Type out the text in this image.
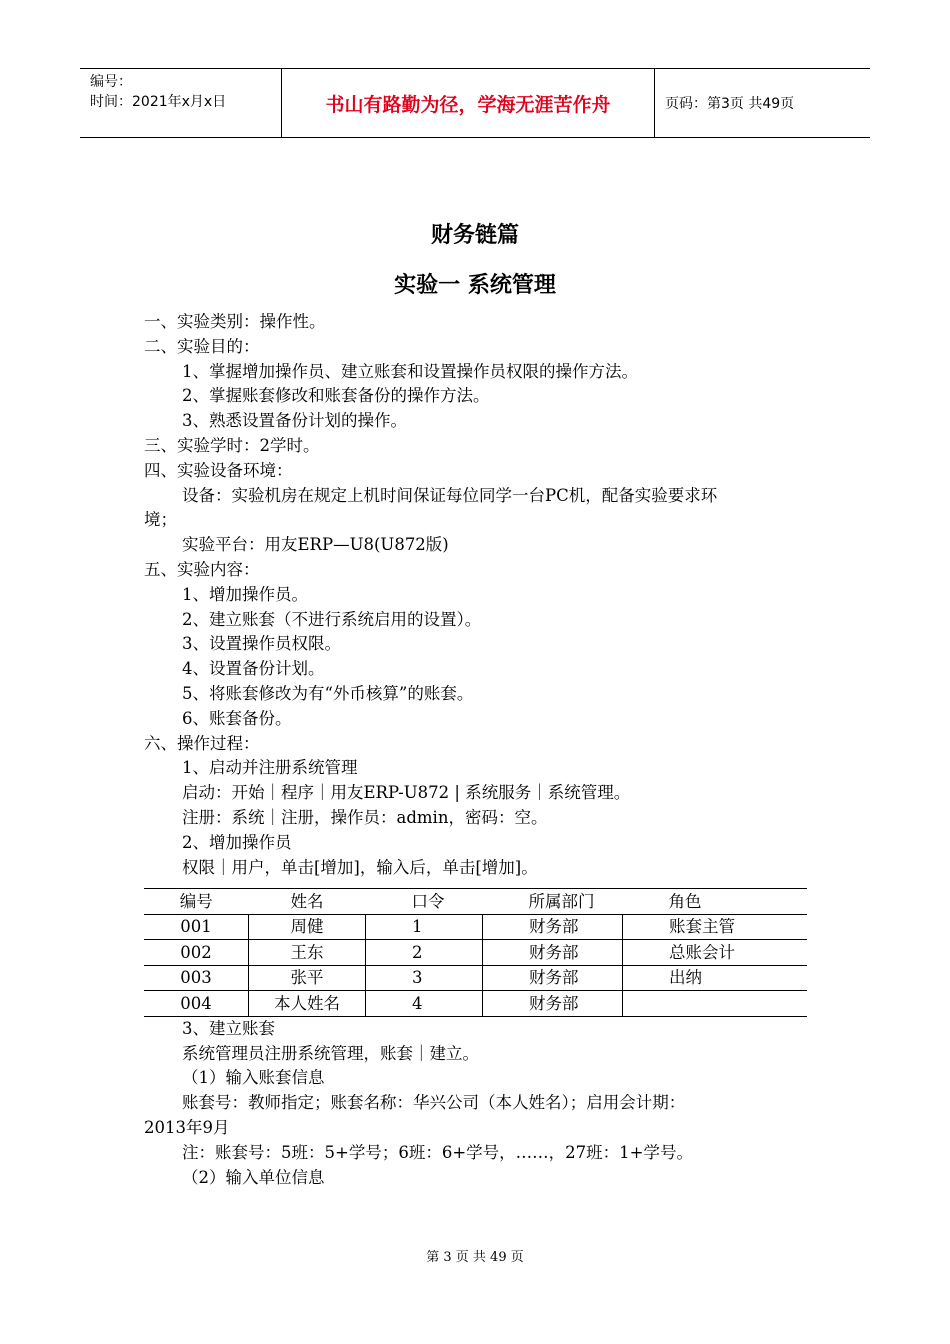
编号：
时间：2021年x月x日	书山有路勤为径，学海无涯苦作舟	页码：第3页 共49页
财务链篇
实验一 系统管理

一、实验类别：操作性。

二、实验目的：

1、掌握增加操作员、建立账套和设置操作员权限的操作方法。

2、掌握账套修改和账套备份的操作方法。

3、熟悉设置备份计划的操作。

三、实验学时：2学时。

四、实验设备环境：

设备：实验机房在规定上机时间保证每位同学一台PC机，配备实验要求环

境；

实验平台：用友ERP—U8(U872版)

五、实验内容：

1、增加操作员。

2、建立账套（不进行系统启用的设置）。

3、设置操作员权限。

4、设置备份计划。

5、将账套修改为有“外币核算”的账套。

6、账套备份。

六、操作过程：

1、启动并注册系统管理

启动：开始｜程序｜用友ERP-U872 | 系统服务｜系统管理。

注册：系统｜注册，操作员：admin，密码：空。

2、增加操作员

权限｜用户，单击[增加]，输入后，单击[增加]。

编号	姓名	口令	所属部门	角色
001	周健	1	财务部	账套主管
002	王东	2	财务部	总账会计
003	张平	3	财务部	出纳
004	本人姓名	4	财务部	

3、建立账套

系统管理员注册系统管理，账套｜建立。

（1）输入账套信息

账套号：教师指定；账套名称：华兴公司（本人姓名）；启用会计期：

2013年9月

注：账套号：5班：5+学号；6班：6+学号，……，27班：1+学号。

（2）输入单位信息

第 3 页 共 49 页
